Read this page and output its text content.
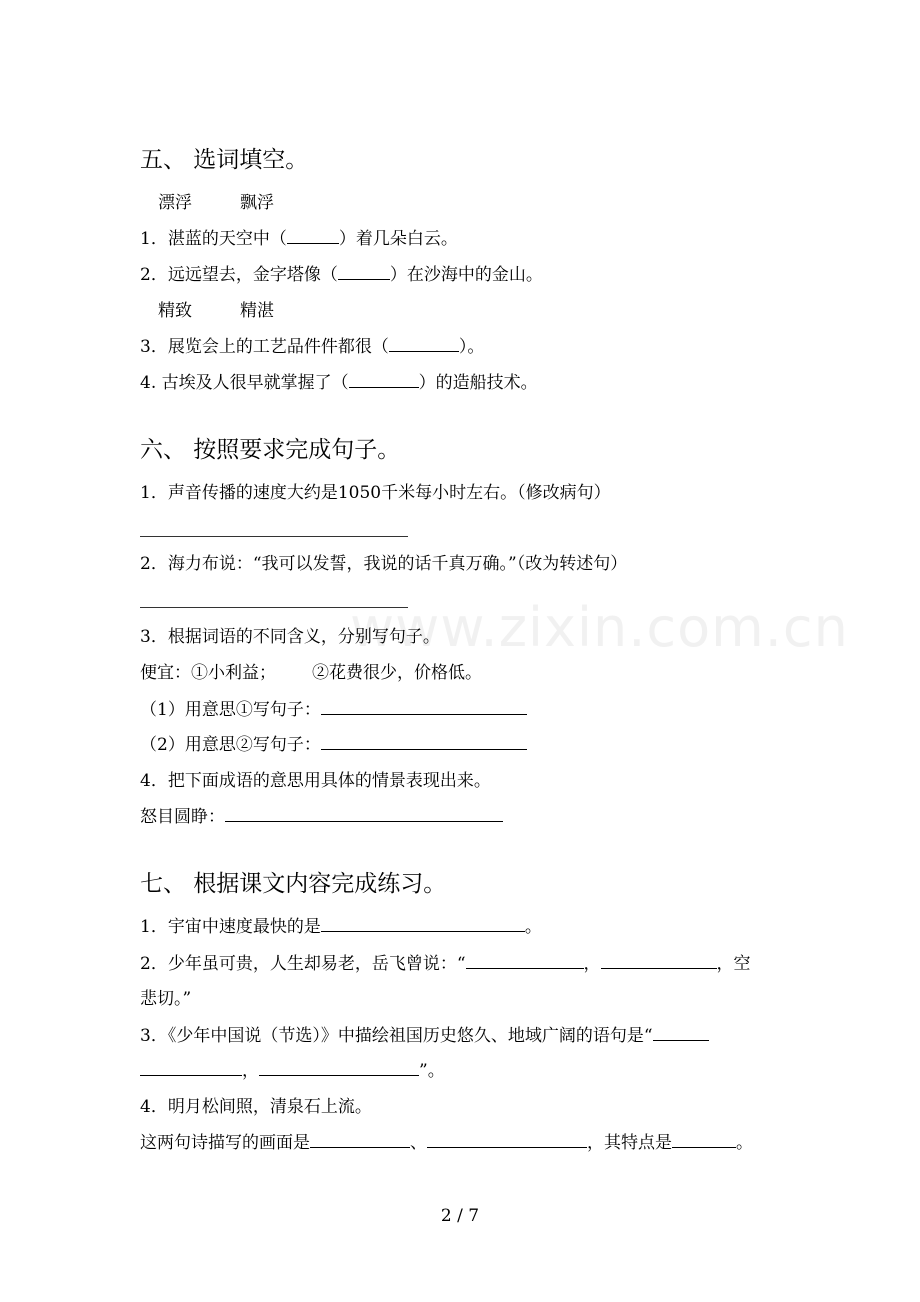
www.zixin.com.cn
五、 选词填空。
漂浮	飘浮
1．湛蓝的天空中（	）着几朵白云。
2．远远望去，金字塔像（	）在沙海中的金山。
精致	精湛
3．展览会上的工艺品件件都很（	）。
4. 古埃及人很早就掌握了（	）的造船技术。
六、 按照要求完成句子。
1．声音传播的速度大约是1050千米每小时左右。（修改病句）
2．海力布说：“我可以发誓，我说的话千真万确。”（改为转述句）
3．根据词语的不同含义，分别写句子。
便宜：①小利益； ②花费很少，价格低。
（1）用意思①写句子：
（2）用意思②写句子：
4．把下面成语的意思用具体的情景表现出来。
怒目圆睁：
七、 根据课文内容完成练习。
1．宇宙中速度最快的是	。
2．少年虽可贵，人生却易老，岳飞曾说：“	，	，空
悲切。”
3．《少年中国说（节选）》中描绘祖国历史悠久、地域广阔的语句是“
，	”。
4．明月松间照，清泉石上流。
这两句诗描写的画面是	、	，其特点是	。
2 / 7
